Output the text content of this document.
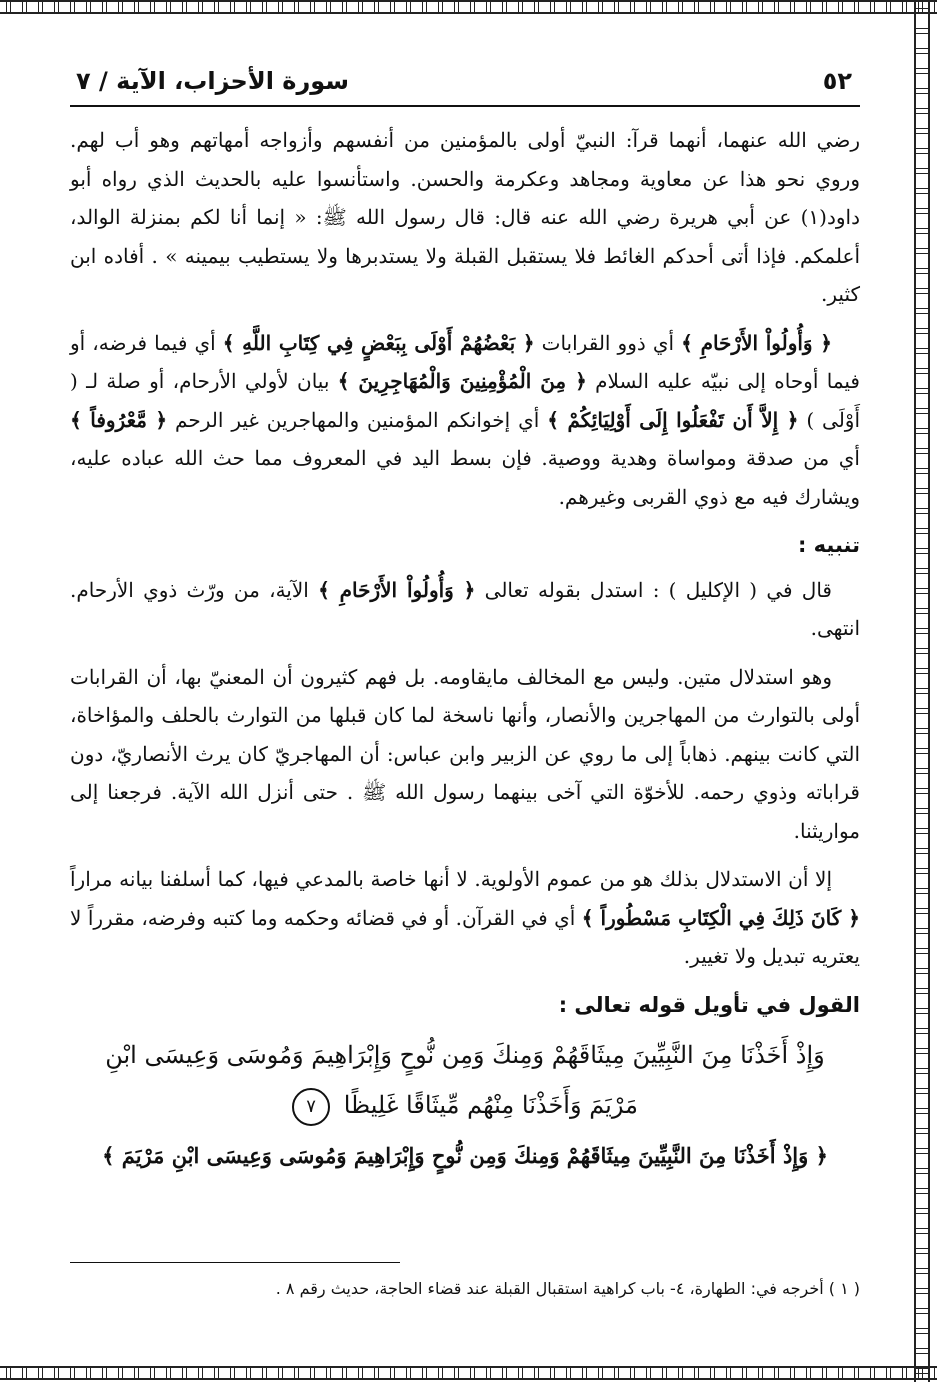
٥٢
سورة الأحزاب، الآية / ٧

رضي الله عنهما، أنهما قرآ: النبيّ أولى بالمؤمنين من أنفسهم وأزواجه أمهاتهم وهو أب لهم. وروي نحو هذا عن معاوية ومجاهد وعكرمة والحسن. واستأنسوا عليه بالحديث الذي رواه أبو داود(١) عن أبي هريرة رضي الله عنه قال: قال رسول الله ﷺ: « إنما أنا لكم بمنزلة الوالد، أعلمكم. فإذا أتى أحدكم الغائط فلا يستقبل القبلة ولا يستدبرها ولا يستطيب بيمينه » . أفاده ابن كثير.

﴿ وَأُولُواْ الأَرْحَامِ ﴾ أي ذوو القرابات ﴿ بَعْضُهُمْ أَوْلَى بِبَعْضٍ فِي كِتَابِ اللَّهِ ﴾ أي فيما فرضه، أو فيما أوحاه إلى نبيّه عليه السلام ﴿ مِنَ الْمُؤْمِنِينَ وَالْمُهَاجِرِينَ ﴾ بيان لأولي الأرحام، أو صلة لـ ( أَوْلَى ) ﴿ إِلاَّ أَن تَفْعَلُوا إِلَى أَوْلِيَائِكُمْ ﴾ أي إخوانكم المؤمنين والمهاجرين غير الرحم ﴿ مَّعْرُوفاً ﴾ أي من صدقة ومواساة وهدية ووصية. فإن بسط اليد في المعروف مما حث الله عباده عليه، ويشارك فيه مع ذوي القربى وغيرهم.

تنبيه :

قال في ( الإكليل ) : استدل بقوله تعالى ﴿ وَأُولُواْ الأَرْحَامِ ﴾ الآية، من ورّث ذوي الأرحام. انتهى.

وهو استدلال متين. وليس مع المخالف مايقاومه. بل فهم كثيرون أن المعنيّ بها، أن القرابات أولى بالتوارث من المهاجرين والأنصار، وأنها ناسخة لما كان قبلها من التوارث بالحلف والمؤاخاة، التي كانت بينهم. ذهاباً إلى ما روي عن الزبير وابن عباس: أن المهاجريّ كان يرث الأنصاريّ، دون قراباته وذوي رحمه. للأخوّة التي آخى بينهما رسول الله ﷺ . حتى أنزل الله الآية. فرجعنا إلى مواريثنا.

إلا أن الاستدلال بذلك هو من عموم الأولوية. لا أنها خاصة بالمدعي فيها، كما أسلفنا بيانه مراراً ﴿ كَانَ ذَلِكَ فِي الْكِتَابِ مَسْطُوراً ﴾ أي في القرآن. أو في قضائه وحكمه وما كتبه وفرضه، مقرراً لا يعتريه تبديل ولا تغيير.

القول في تأويل قوله تعالى :
وَإِذْ أَخَذْنَا مِنَ النَّبِيِّينَ مِيثَاقَهُمْ وَمِنكَ وَمِن نُّوحٍ وَإِبْرَاهِيمَ وَمُوسَى وَعِيسَى ابْنِ مَرْيَمَ وَأَخَذْنَا مِنْهُم مِّيثَاقًا غَلِيظًا ٧
﴿ وَإِذْ أَخَذْنَا مِنَ النَّبِيِّينَ مِيثَاقَهُمْ وَمِنكَ وَمِن نُّوحٍ وَإِبْرَاهِيمَ وَمُوسَى وَعِيسَى ابْنِ مَرْيَمَ ﴾
( ١ ) أخرجه في: الطهارة، ٤- باب كراهية استقبال القبلة عند قضاء الحاجة، حديث رقم ٨ .
